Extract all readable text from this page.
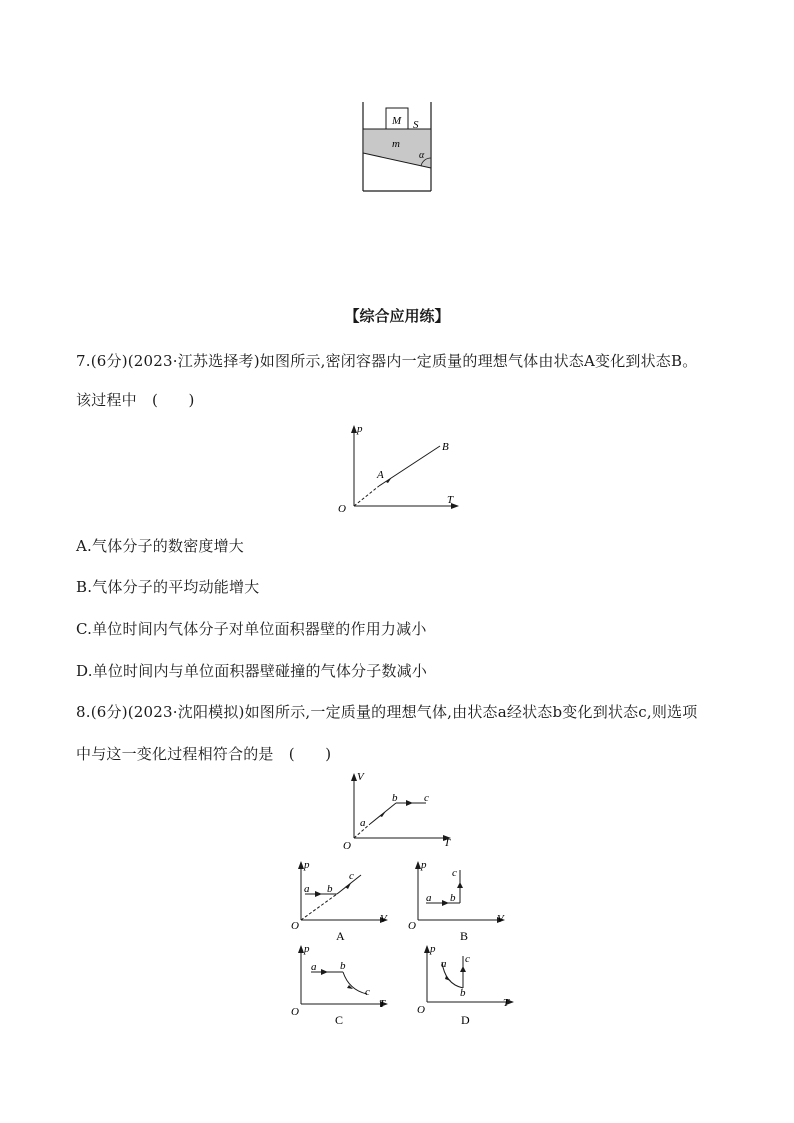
M S
m
α
【综合应用练】
7.(6分)(2023·江苏选择考)如图所示,密闭容器内一定质量的理想气体由状态A变化到状态B。
该过程中　(　　)
p
T
O
A
B
A.气体分子的数密度增大
B.气体分子的平均动能增大
C.单位时间内气体分子对单位面积器壁的作用力减小
D.单位时间内与单位面积器壁碰撞的气体分子数减小
8.(6分)(2023·沈阳模拟)如图所示,一定质量的理想气体,由状态a经状态b变化到状态c,则选项
中与这一变化过程相符合的是　(　　)
V
T
O
a
b c
p
V
O
a b
c
A
p
V
O
a b
c
B
p
T
O
a b
c
C
p
T
O
a
b
c
D
